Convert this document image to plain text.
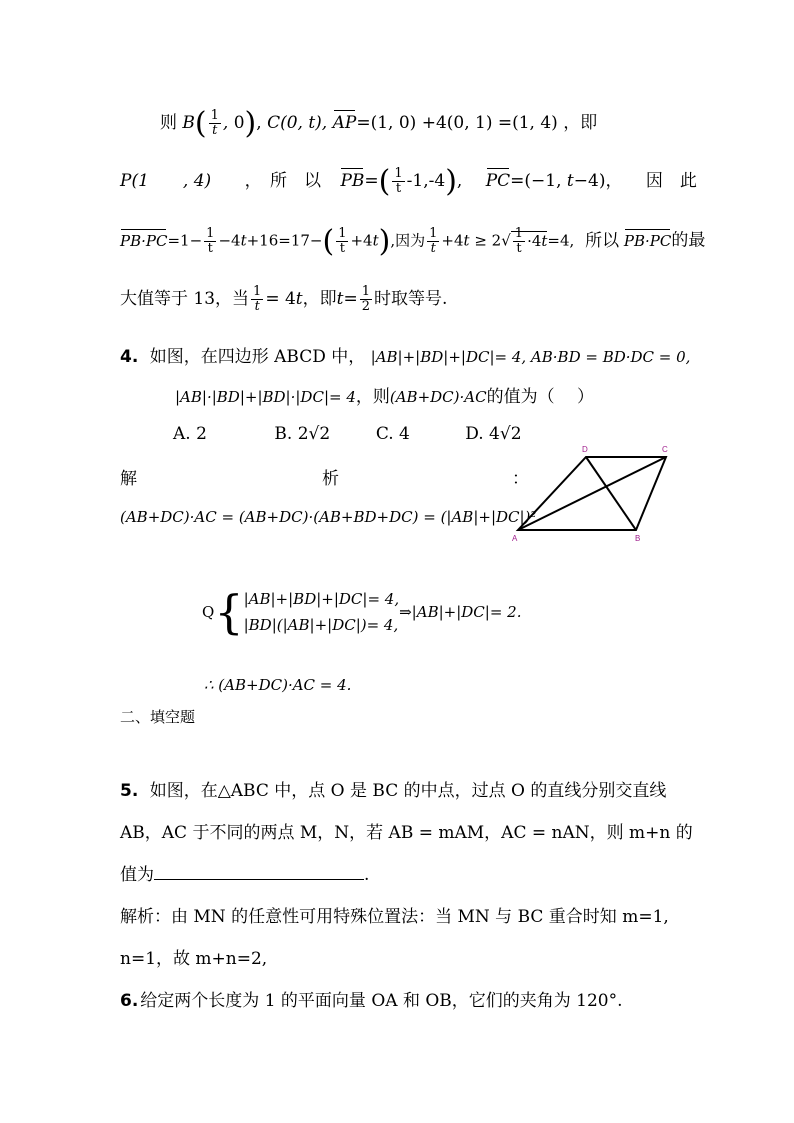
则 $B( \frac{1}{t}$ , 0), C(0, t), AP=(1, 0) +4(0, 1) =(1, 4) ，即
P(1　　, 4) ，　所　以 $PB=( \frac{1}{t} -1,-4)$, PC=(−1, t−4)， 因　此
$PB\cdot PC=1- \frac{1}{t} -4t+16=17-( \frac{1}{t} +4t)$,因为 $\frac{1}{t} +4t \ge 2√ \frac{1}{t} \cdot 4t=4$, 所以 PB·PC的最
大值等于 13，当 $\frac{1}{t} = 4t$，即$t= \frac{1}{2}$ 时取等号.
4. 如图，在四边形 ABCD 中， |AB|+|BD|+|DC|= 4, AB·BD = BD·DC = 0,
|AB|·|BD|+|BD|·|DC|= 4，则(AB+DC)·AC的值为（　 ）
A. 2	B. 2√2	C. 4	D. 4√2
解	析	：
(AB+DC)·AC = (AB+DC)·(AB+BD+DC) = (|AB|+|DC|)²
D	C
A	B
Q{ |AB|+|BD|+|DC|= 4,
|BD|(|AB|+|DC|)= 4,
⇒|AB|+|DC|= 2.
∴ (AB+DC)·AC = 4.
二、填空题
5. 如图，在△ABC 中，点 O 是 BC 的中点，过点 O 的直线分别交直线
AB，AC 于不同的两点 M，N，若 AB = mAM，AC = nAN，则 m+n 的
值为	.
解析：由 MN 的任意性可用特殊位置法：当 MN 与 BC 重合时知 m=1,
n=1，故 m+n=2,
6. 给定两个长度为 1 的平面向量 OA 和 OB，它们的夹角为 120°.
